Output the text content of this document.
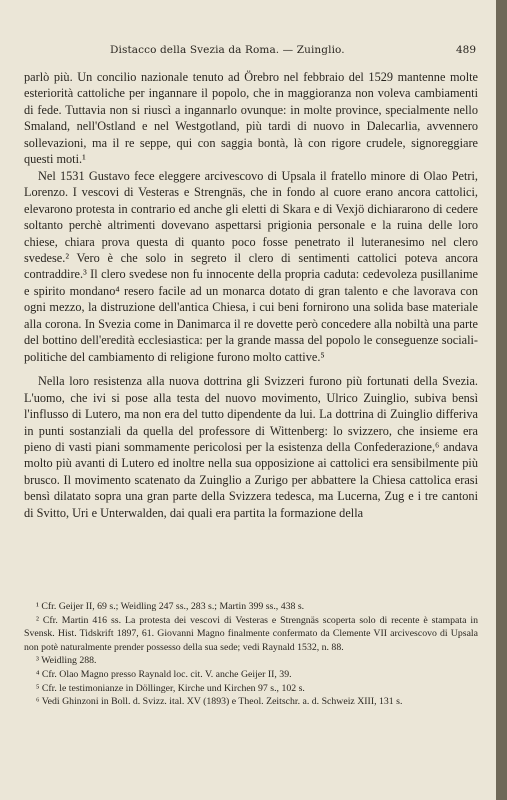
Distacco della Svezia da Roma. — Zuinglio.	489

parlò più. Un concilio nazionale tenuto ad Örebro nel febbraio del 1529 mantenne molte esteriorità cattoliche per ingannare il popolo, che in maggioranza non voleva cambiamenti di fede. Tuttavia non si riuscì a ingannarlo ovunque: in molte province, specialmente nello Smaland, nell'Ostland e nel Westgotland, più tardi di nuovo in Dalecarlia, avvennero sollevazioni, ma il re seppe, qui con saggia bontà, là con rigore crudele, signoreggiare questi moti.¹

Nel 1531 Gustavo fece eleggere arcivescovo di Upsala il fratello minore di Olao Petri, Lorenzo. I vescovi di Vesteras e Strengnäs, che in fondo al cuore erano ancora cattolici, elevarono protesta in contrario ed anche gli eletti di Skara e di Vexjö dichiararono di cedere soltanto perchè altrimenti dovevano aspettarsi prigionia personale e la ruina delle loro chiese, chiara prova questa di quanto poco fosse penetrato il luteranesimo nel clero svedese.² Vero è che solo in segreto il clero di sentimenti cattolici poteva ancora contraddire.³ Il clero svedese non fu innocente della propria caduta: cedevoleza pusillanime e spirito mondano⁴ resero facile ad un monarca dotato di gran talento e che lavorava con ogni mezzo, la distruzione dell'antica Chiesa, i cui beni fornirono una solida base materiale alla corona. In Svezia come in Danimarca il re dovette però concedere alla nobiltà una parte del bottino dell'eredità ecclesiastica: per la grande massa del popolo le conseguenze sociali-politiche del cambiamento di religione furono molto cattive.⁵

Nella loro resistenza alla nuova dottrina gli Svizzeri furono più fortunati della Svezia. L'uomo, che ivi si pose alla testa del nuovo movimento, Ulrico Zuinglio, subiva bensì l'influsso di Lutero, ma non era del tutto dipendente da lui. La dottrina di Zuinglio differiva in punti sostanziali da quella del professore di Wittenberg: lo svizzero, che insieme era pieno di vasti piani sommamente pericolosi per la esistenza della Confederazione,⁶ andava molto più avanti di Lutero ed inoltre nella sua opposizione ai cattolici era sensibilmente più brusco. Il movimento scatenato da Zuinglio a Zurigo per abbattere la Chiesa cattolica erasi bensì dilatato sopra una gran parte della Svizzera tedesca, ma Lucerna, Zug e i tre cantoni di Svitto, Uri e Unterwalden, dai quali era partita la formazione della

¹ Cfr. Geijer II, 69 s.; Weidling 247 ss., 283 s.; Martin 399 ss., 438 s.
² Cfr. Martin 416 ss. La protesta dei vescovi di Vesteras e Strengnäs scoperta solo di recente è stampata in Svensk. Hist. Tidskrift 1897, 61. Giovanni Magno finalmente confermato da Clemente VII arcivescovo di Upsala non potè naturalmente prender possesso della sua sede; vedi Raynald 1532, n. 88.
³ Weidling 288.
⁴ Cfr. Olao Magno presso Raynald loc. cit. V. anche Geijer II, 39.
⁵ Cfr. le testimonianze in Döllinger, Kirche und Kirchen 97 s., 102 s.
⁶ Vedi Ghinzoni in Boll. d. Svizz. ital. XV (1893) e Theol. Zeitschr. a. d. Schweiz XIII, 131 s.
